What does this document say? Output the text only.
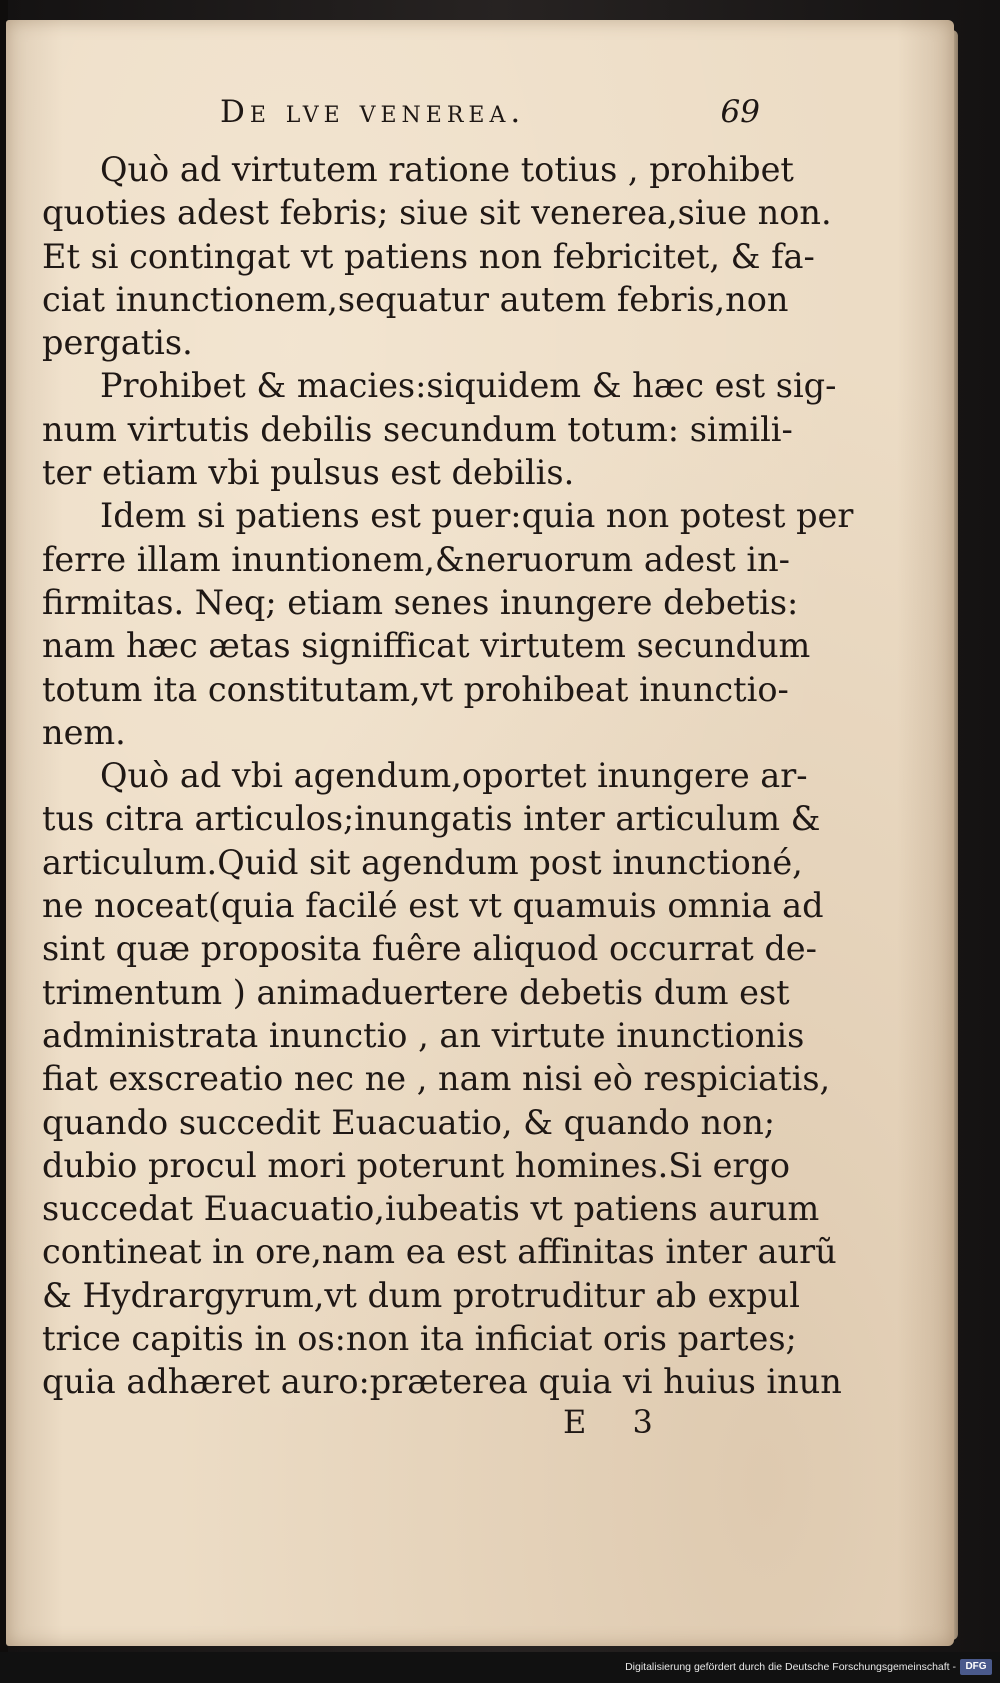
De lve venerea.	69
Quò ad virtutem ratione totius , prohibet
quoties adest febris; siue sit venerea,siue non.
Et si contingat vt patiens non febricitet, & fa-
ciat inunctionem,sequatur autem febris,non
pergatis.
Prohibet & macies:siquidem & hæc est sig-
num virtutis debilis secundum totum: simili-
ter etiam vbi pulsus est debilis.
Idem si patiens est puer:quia non potest per
ferre illam inuntionem,&neruorum adest in-
firmitas. Neq; etiam senes inungere debetis:
nam hæc ætas signifficat virtutem secundum
totum ita constitutam,vt prohibeat inunctio-
nem.
Quò ad vbi agendum,oportet inungere ar-
tus citra articulos;inungatis inter articulum &
articulum.Quid sit agendum post inunctioné,
ne noceat(quia facilé est vt quamuis omnia ad
sint quæ proposita fuêre aliquod occurrat de-
trimentum ) animaduertere debetis dum est
administrata inunctio , an virtute inunctionis
fiat exscreatio nec ne , nam nisi eò respiciatis,
quando succedit Euacuatio, & quando non;
dubio procul mori poterunt homines.Si ergo
succedat Euacuatio,iubeatis vt patiens aurum
contineat in ore,nam ea est affinitas inter aurũ
& Hydrargyrum,vt dum protruditur ab expul
trice capitis in os:non ita inficiat oris partes;
quia adhæret auro:præterea quia vi huius inun
E 3
Digitalisierung gefördert durch die Deutsche Forschungsgemeinschaft - DFG
